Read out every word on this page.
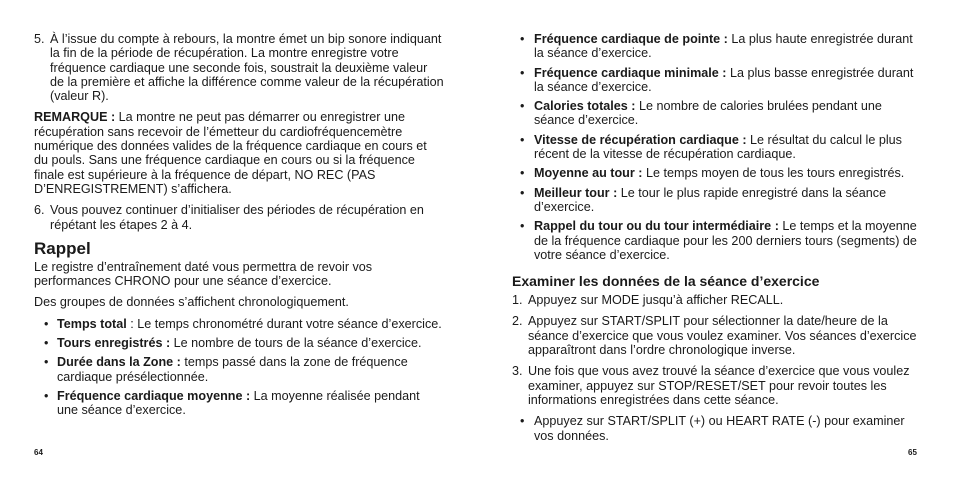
5. À l’issue du compte à rebours, la montre émet un bip sonore indiquant la fin de la période de récupération. La montre enregistre votre fréquence cardiaque une seconde fois, soustrait la deuxième valeur de la première et affiche la différence comme valeur de la récupération (valeur R).

REMARQUE : La montre ne peut pas démarrer ou enregistrer une récupération sans recevoir de l’émetteur du cardiofréquencemètre numérique des données valides de la fréquence cardiaque en cours et du pouls. Sans une fréquence cardiaque en cours ou si la fréquence finale est supérieure à la fréquence de départ, NO REC (PAS D’ENREGISTREMENT) s’affichera.

6. Vous pouvez continuer d’initialiser des périodes de récupération en répétant les étapes 2 à 4.
Rappel

Le registre d’entraînement daté vous permettra de revoir vos performances CHRONO pour une séance d’exercice.

Des groupes de données s’affichent chronologiquement.

• Temps total : Le temps chronométré durant votre séance d’exercice.
• Tours enregistrés : Le nombre de tours de la séance d’exercice.
• Durée dans la Zone : temps passé dans la zone de fréquence cardiaque présélectionnée.
• Fréquence cardiaque moyenne : La moyenne réalisée pendant une séance d’exercice.
• Fréquence cardiaque de pointe : La plus haute enregistrée durant la séance d’exercice.
• Fréquence cardiaque minimale : La plus basse enregistrée durant la séance d’exercice.
• Calories totales : Le nombre de calories brulées pendant une séance d’exercice.
• Vitesse de récupération cardiaque : Le résultat du calcul le plus récent de la vitesse de récupération cardiaque.
• Moyenne au tour : Le temps moyen de tous les tours enregistrés.
• Meilleur tour : Le tour le plus rapide enregistré dans la séance d’exercice.
• Rappel du tour ou du tour intermédiaire : Le temps et la moyenne de la fréquence cardiaque pour les 200 derniers tours (segments) de votre séance d’exercice.
Examiner les données de la séance d’exercice
1. Appuyez sur MODE jusqu’à afficher RECALL.
2. Appuyez sur START/SPLIT pour sélectionner la date/heure de la séance d’exercice que vous voulez examiner. Vos séances d’exercice apparaîtront dans l’ordre chronologique inverse.
3. Une fois que vous avez trouvé la séance d’exercice que vous voulez examiner, appuyez sur STOP/RESET/SET pour revoir toutes les informations enregistrées dans cette séance.
• Appuyez sur START/SPLIT (+) ou HEART RATE (-) pour examiner vos données.
64	65
